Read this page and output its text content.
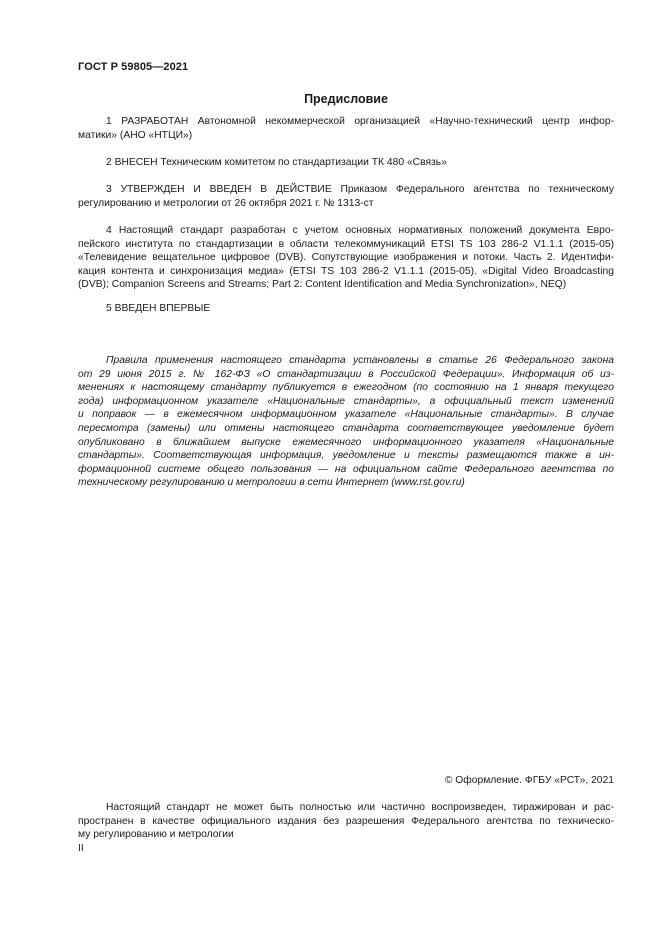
ГОСТ Р 59805—2021
Предисловие
1 РАЗРАБОТАН Автономной некоммерческой организацией «Научно-технический центр инфор-
матики» (АНО «НТЦИ»)
2 ВНЕСЕН Техническим комитетом по стандартизации ТК 480 «Связь»
3 УТВЕРЖДЕН И ВВЕДЕН В ДЕЙСТВИЕ Приказом Федерального агентства по техническому
регулированию и метрологии от 26 октября 2021 г. № 1313-ст
4 Настоящий стандарт разработан с учетом основных нормативных положений документа Евро-
пейского института по стандартизации в области телекоммуникаций ETSI TS 103 286-2 V1.1.1 (2015-05)
«Телевидение вещательное цифровое (DVB). Сопутствующие изображения и потоки. Часть 2. Идентифи-
кация контента и синхронизация медиа» (ETSI TS 103 286-2 V1.1.1 (2015-05). «Digital Video Broadcasting
(DVB); Companion Screens and Streams; Part 2: Content Identification and Media Synchronization», NEQ)
5 ВВЕДЕН ВПЕРВЫЕ
Правила применения настоящего стандарта установлены в статье 26 Федерального закона
от 29 июня 2015 г. № 162-ФЗ «О стандартизации в Российской Федерации». Информация об из-
менениях к настоящему стандарту публикуется в ежегодном (по состоянию на 1 января текущего
года) информационном указателе «Национальные стандарты», а официальный текст изменений
и поправок — в ежемесячном информационном указателе «Национальные стандарты». В случае
пересмотра (замены) или отмены настоящего стандарта соответствующее уведомление будет
опубликовано в ближайшем выпуске ежемесячного информационного указателя «Национальные
стандарты». Соответствующая информация, уведомление и тексты размещаются также в ин-
формационной системе общего пользования — на официальном сайте Федерального агентства по
техническому регулированию и метрологии в сети Интернет (www.rst.gov.ru)
© Оформление. ФГБУ «РСТ», 2021
Настоящий стандарт не может быть полностью или частично воспроизведен, тиражирован и рас-
пространен в качестве официального издания без разрешения Федерального агентства по техническо-
му регулированию и метрологии
II
